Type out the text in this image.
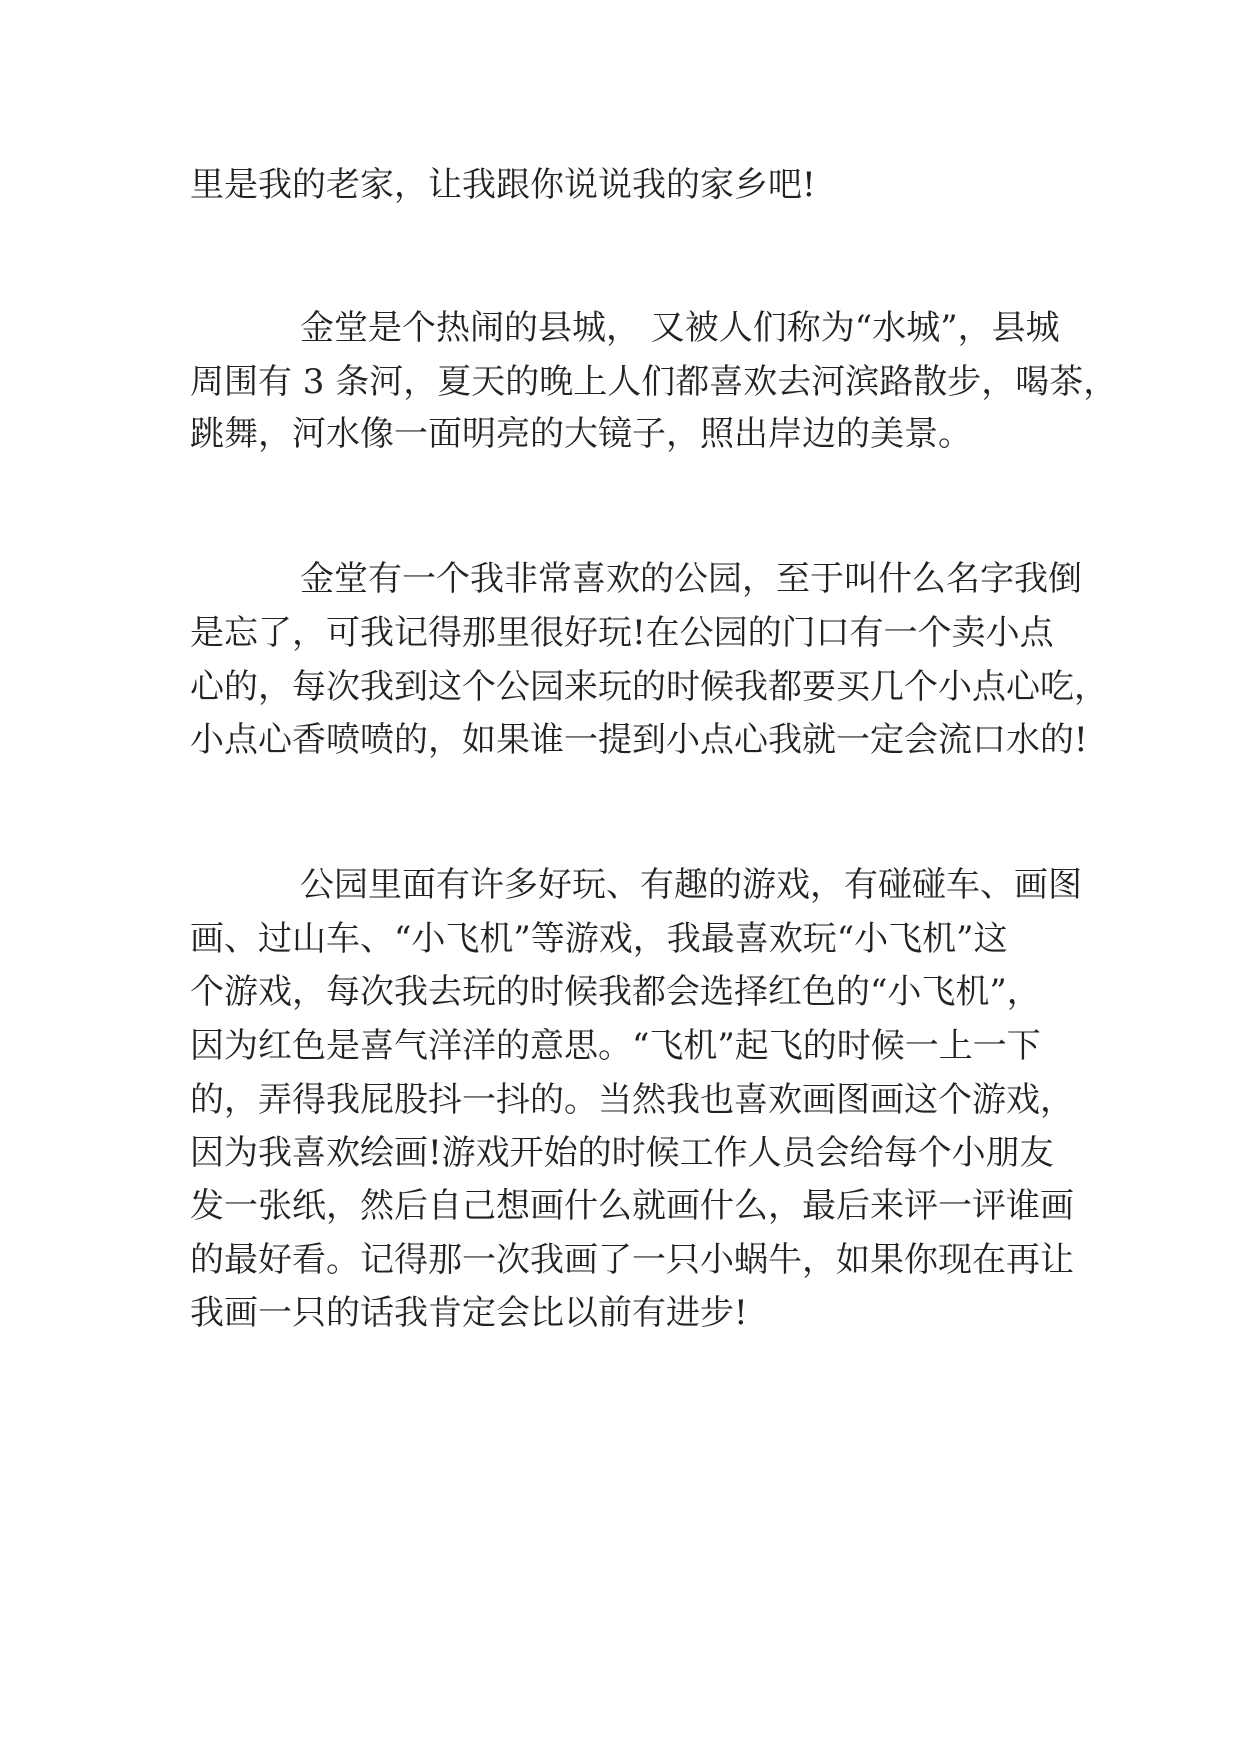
里是我的老家，让我跟你说说我的家乡吧!

金堂是个热闹的县城， 又被人们称为“水城”，县城

周围有 3 条河，夏天的晚上人们都喜欢去河滨路散步，喝茶，

跳舞，河水像一面明亮的大镜子，照出岸边的美景。

金堂有一个我非常喜欢的公园，至于叫什么名字我倒

是忘了，可我记得那里很好玩!在公园的门口有一个卖小点

心的，每次我到这个公园来玩的时候我都要买几个小点心吃，

小点心香喷喷的，如果谁一提到小点心我就一定会流口水的!

公园里面有许多好玩、有趣的游戏，有碰碰车、画图

画、过山车、“小飞机”等游戏，我最喜欢玩“小飞机”这

个游戏，每次我去玩的时候我都会选择红色的“小飞机”，

因为红色是喜气洋洋的意思。“飞机”起飞的时候一上一下

的，弄得我屁股抖一抖的。当然我也喜欢画图画这个游戏，

因为我喜欢绘画!游戏开始的时候工作人员会给每个小朋友

发一张纸，然后自己想画什么就画什么，最后来评一评谁画

的最好看。记得那一次我画了一只小蜗牛，如果你现在再让

我画一只的话我肯定会比以前有进步!
